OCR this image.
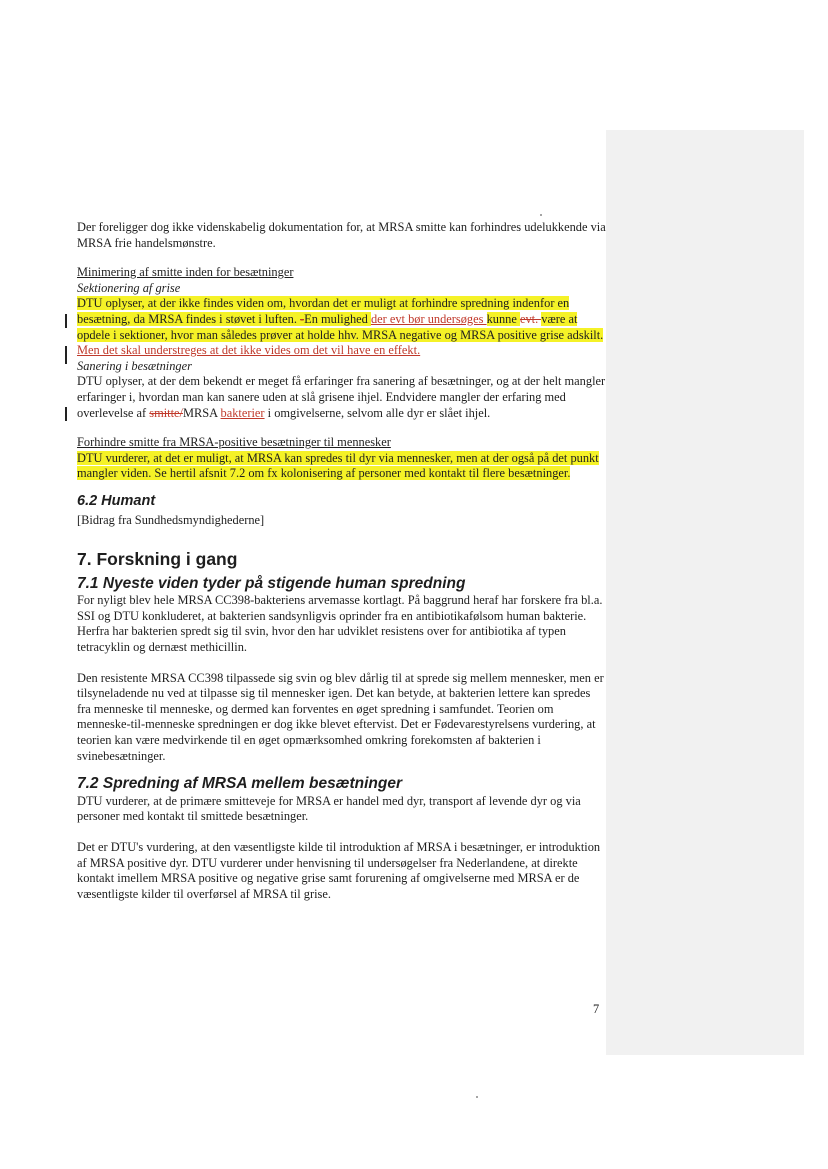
Der foreligger dog ikke videnskabelig dokumentation for, at MRSA smitte kan forhindres udelukkende via MRSA frie handelsmønstre.

Minimering af smitte inden for besætninger

Sektionering af grise

DTU oplyser, at der ikke findes viden om, hvordan det er muligt at forhindre spredning indenfor en besætning, da MRSA findes i støvet i luften. -En mulighed der evt bør undersøges kunne evt. være at opdele i sektioner, hvor man således prøver at holde hhv. MRSA negative og MRSA positive grise adskilt. Men det skal understreges at det ikke vides om det vil have en effekt.

Sanering i besætninger

DTU oplyser, at der dem bekendt er meget få erfaringer fra sanering af besætninger, og at der helt mangler erfaringer i, hvordan man kan sanere uden at slå grisene ihjel. Endvidere mangler der erfaring med overlevelse af smitte/MRSA bakterier i omgivelserne, selvom alle dyr er slået ihjel.

Forhindre smitte fra MRSA-positive besætninger til mennesker

DTU vurderer, at det er muligt, at MRSA kan spredes til dyr via mennesker, men at der også på det punkt mangler viden. Se hertil afsnit 7.2 om fx kolonisering af personer med kontakt til flere besætninger.

6.2 Humant

[Bidrag fra Sundhedsmyndighederne]

7. Forskning i gang

7.1 Nyeste viden tyder på stigende human spredning

For nyligt blev hele MRSA CC398-bakteriens arvemasse kortlagt. På baggrund heraf har forskere fra bl.a. SSI og DTU konkluderet, at bakterien sandsynligvis oprinder fra en antibiotikafølsom human bakterie. Herfra har bakterien spredt sig til svin, hvor den har udviklet resistens over for antibiotika af typen tetracyklin og dernæst methicillin.

Den resistente MRSA CC398 tilpassede sig svin og blev dårlig til at sprede sig mellem mennesker, men er tilsyneladende nu ved at tilpasse sig til mennesker igen. Det kan betyde, at bakterien lettere kan spredes fra menneske til menneske, og dermed kan forventes en øget spredning i samfundet. Teorien om menneske-til-menneske spredningen er dog ikke blevet eftervist. Det er Fødevarestyrelsens vurdering, at teorien kan være medvirkende til en øget opmærksomhed omkring forekomsten af bakterien i svinebesætninger.

7.2 Spredning af MRSA mellem besætninger

DTU vurderer, at de primære smitteveje for MRSA er handel med dyr, transport af levende dyr og via personer med kontakt til smittede besætninger.

Det er DTU's vurdering, at den væsentligste kilde til introduktion af MRSA i besætninger, er introduktion af MRSA positive dyr. DTU vurderer under henvisning til undersøgelser fra Nederlandene, at direkte kontakt imellem MRSA positive og negative grise samt forurening af omgivelserne med MRSA er de væsentligste kilder til overførsel af MRSA til grise.

7
